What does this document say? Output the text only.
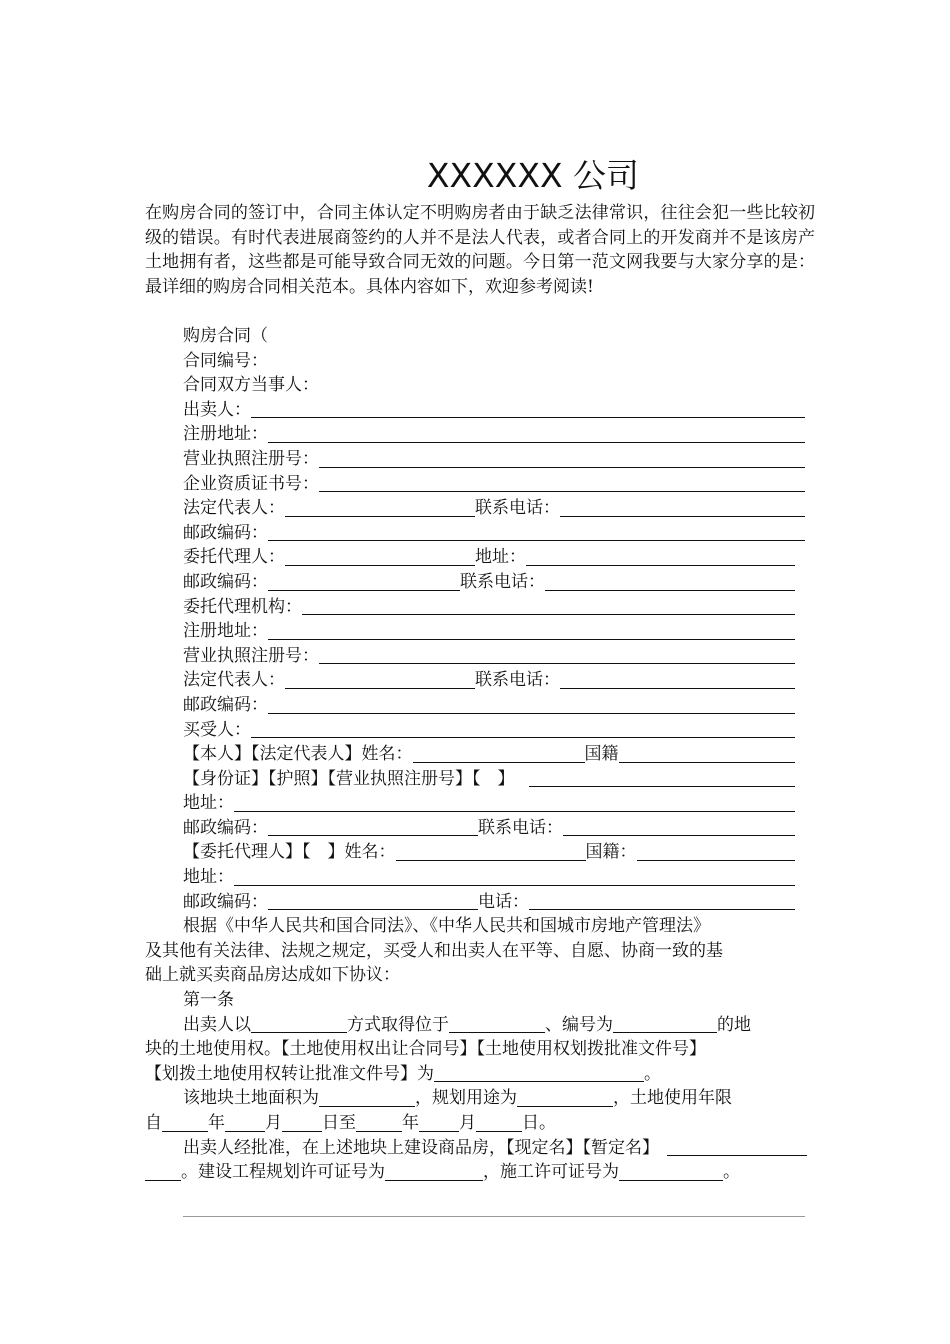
XXXXXX 公司
在购房合同的签订中，合同主体认定不明购房者由于缺乏法律常识，往往会犯一些比较初级的错误。有时代表进展商签约的人并不是法人代表，或者合同上的开发商并不是该房产土地拥有者，这些都是可能导致合同无效的问题。今日第一范文网我要与大家分享的是：最详细的购房合同相关范本。具体内容如下，欢迎参考阅读!
购房合同（
合同编号：
合同双方当事人：
出卖人：
注册地址：
营业执照注册号：
企业资质证书号：
法定代表人：	联系电话：
邮政编码：
委托代理人：	地址：
邮政编码：	联系电话：
委托代理机构：
注册地址：
营业执照注册号：
法定代表人：	联系电话：
邮政编码：
买受人：
【本人】【法定代表人】姓名：	国籍
【身份证】【护照】【营业执照注册号】【　】
地址：
邮政编码：	联系电话：
【委托代理人】【　】姓名：	国籍：
地址：
邮政编码：	电话：
根据《中华人民共和国合同法》、《中华人民共和国城市房地产管理法》
及其他有关法律、法规之规定，买受人和出卖人在平等、自愿、协商一致的基
础上就买卖商品房达成如下协议：
第一条
出卖人以	方式取得位于	、编号为	的地
块的土地使用权。【土地使用权出让合同号】【土地使用权划拨批准文件号】
【划拨土地使用权转让批准文件号】为	。
该地块土地面积为	，规划用途为	，土地使用年限
自	年 月 日至	年 月	日。
出卖人经批准，在上述地块上建设商品房，【现定名】【暂定名】
。建设工程规划许可证号为	，施工许可证号为	。
